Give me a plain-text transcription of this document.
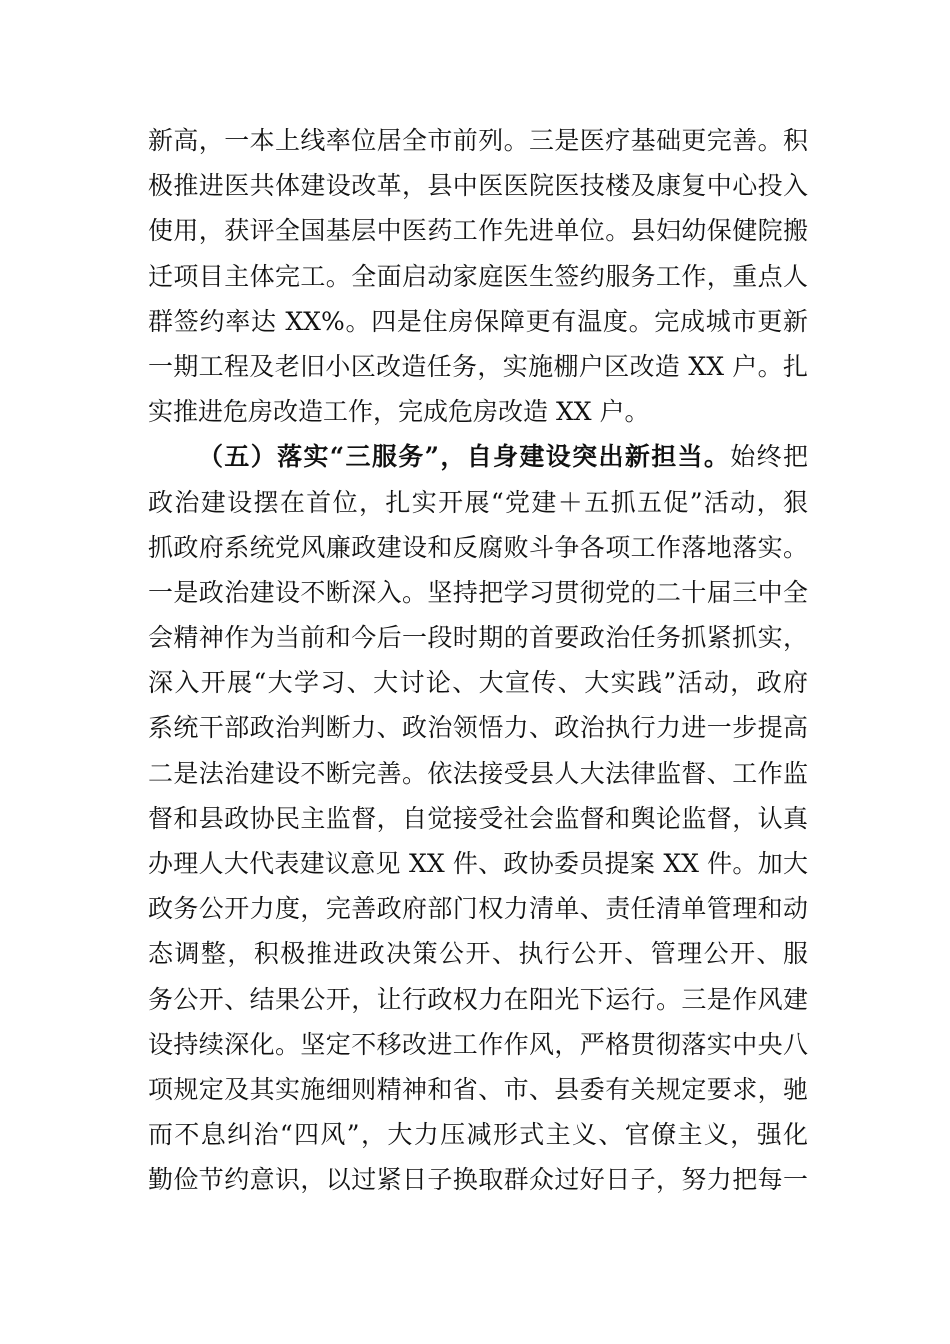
新高，一本上线率位居全市前列。三是医疗基础更完善。积
极推进医共体建设改革，县中医医院医技楼及康复中心投入
使用，获评全国基层中医药工作先进单位。县妇幼保健院搬
迁项目主体完工。全面启动家庭医生签约服务工作，重点人
群签约率达 XX%。四是住房保障更有温度。完成城市更新
一期工程及老旧小区改造任务，实施棚户区改造 XX 户。扎
实推进危房改造工作，完成危房改造 XX 户。
（五）落实“三服务”，自身建设突出新担当。始终把
政治建设摆在首位，扎实开展“党建＋五抓五促”活动，狠
抓政府系统党风廉政建设和反腐败斗争各项工作落地落实。
一是政治建设不断深入。坚持把学习贯彻党的二十届三中全
会精神作为当前和今后一段时期的首要政治任务抓紧抓实，
深入开展“大学习、大讨论、大宣传、大实践”活动，政府
系统干部政治判断力、政治领悟力、政治执行力进一步提高
二是法治建设不断完善。依法接受县人大法律监督、工作监
督和县政协民主监督，自觉接受社会监督和舆论监督，认真
办理人大代表建议意见 XX 件、政协委员提案 XX 件。加大
政务公开力度，完善政府部门权力清单、责任清单管理和动
态调整，积极推进政决策公开、执行公开、管理公开、服
务公开、结果公开，让行政权力在阳光下运行。三是作风建
设持续深化。坚定不移改进工作作风，严格贯彻落实中央八
项规定及其实施细则精神和省、市、县委有关规定要求，驰
而不息纠治“四风”，大力压减形式主义、官僚主义，强化
勤俭节约意识，以过紧日子换取群众过好日子，努力把每一
